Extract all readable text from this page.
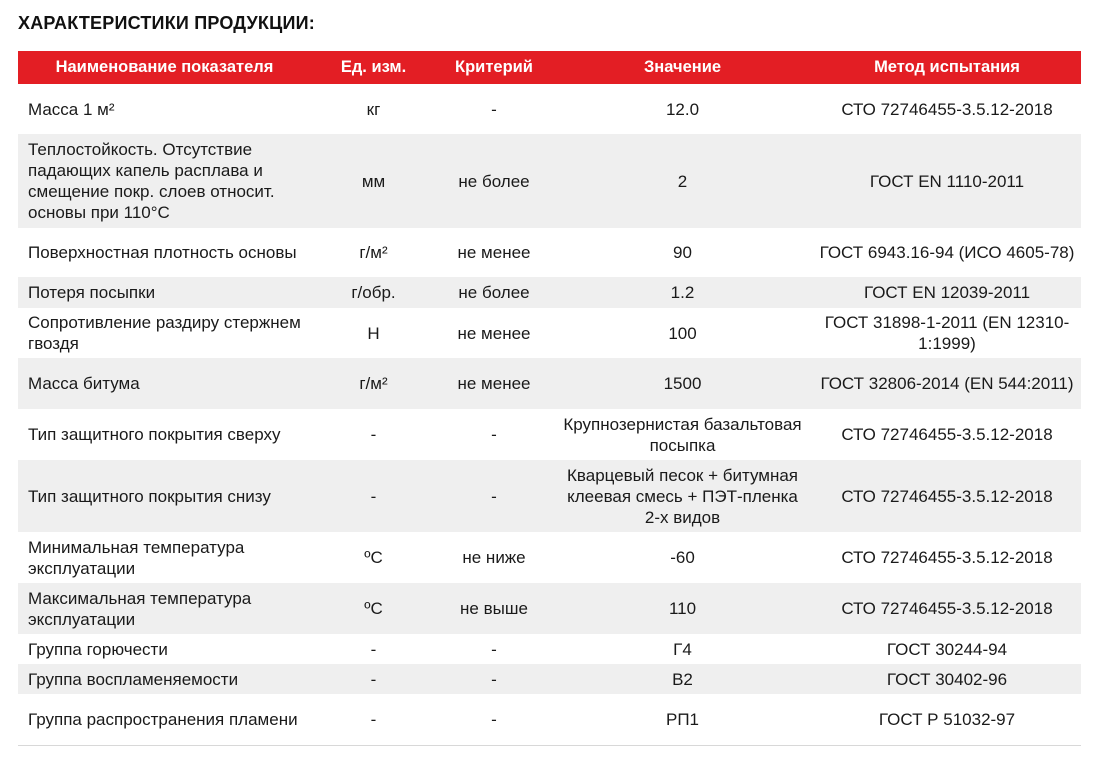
ХАРАКТЕРИСТИКИ ПРОДУКЦИИ:
Наименование показателя	Ед. изм.	Критерий	Значение	Метод испытания
Масса 1 м²	кг	-	12.0	СТО 72746455-3.5.12-2018
Теплостойкость. Отсутствие падающих капель расплава и смещение покр. слоев относит. основы при 110°С	мм	не более	2	ГОСТ EN 1110-2011
Поверхностная плотность основы	г/м²	не менее	90	ГОСТ 6943.16-94 (ИСО 4605-78)
Потеря посыпки	г/обр.	не более	1.2	ГОСТ EN 12039-2011
Сопротивление раздиру стержнем гвоздя	Н	не менее	100	ГОСТ 31898-1-2011 (EN 12310-1:1999)
Масса битума	г/м²	не менее	1500	ГОСТ 32806-2014 (EN 544:2011)
Тип защитного покрытия сверху	-	-	Крупнозернистая базальтовая посыпка	СТО 72746455-3.5.12-2018
Тип защитного покрытия снизу	-	-	Кварцевый песок + битумная клеевая смесь + ПЭТ-пленка 2-х видов	СТО 72746455-3.5.12-2018
Минимальная температура эксплуатации	ºС	не ниже	-60	СТО 72746455-3.5.12-2018
Максимальная температура эксплуатации	ºС	не выше	110	СТО 72746455-3.5.12-2018
Группа горючести	-	-	Г4	ГОСТ 30244-94
Группа воспламеняемости	-	-	В2	ГОСТ 30402-96
Группа распространения пламени	-	-	РП1	ГОСТ Р 51032-97
